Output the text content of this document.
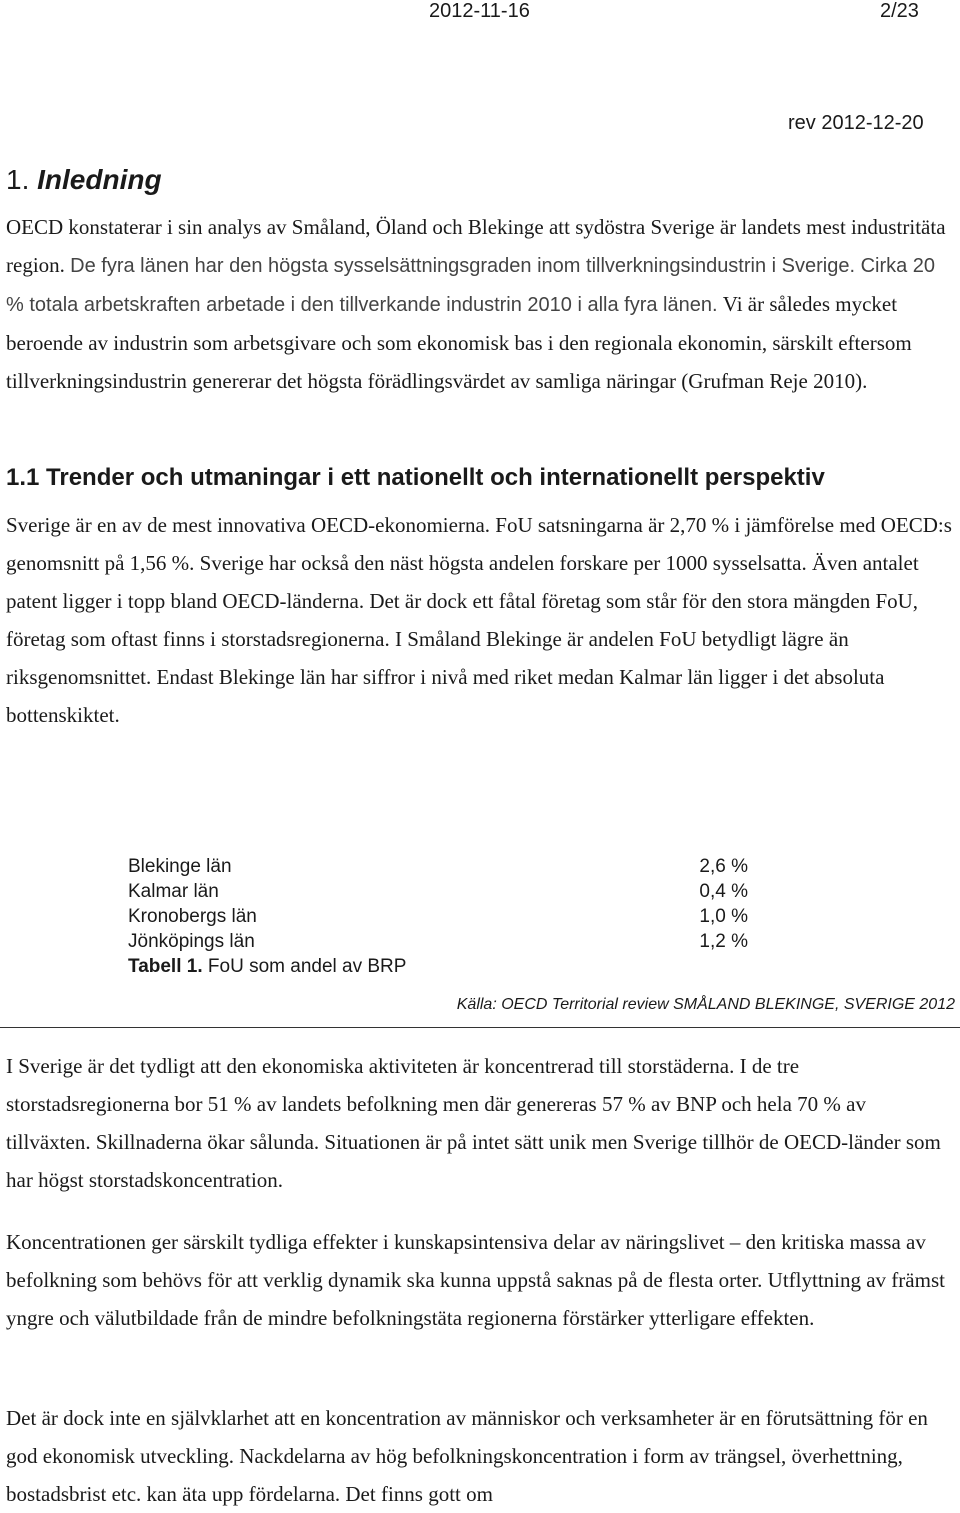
2012-11-16	2/23
rev 2012-12-20
1. Inledning

OECD konstaterar i sin analys av Småland, Öland och Blekinge att sydöstra Sverige är landets mest industritäta region. De fyra länen har den högsta sysselsättningsgraden inom tillverkningsindustrin i Sverige. Cirka 20 % totala arbetskraften arbetade i den tillverkande industrin 2010 i alla fyra länen. Vi är således mycket beroende av industrin som arbetsgivare och som ekonomisk bas i den regionala ekonomin, särskilt eftersom tillverkningsindustrin genererar det högsta förädlingsvärdet av samliga näringar (Grufman Reje 2010).

1.1 Trender och utmaningar i ett nationellt och internationellt perspektiv

Sverige är en av de mest innovativa OECD-ekonomierna. FoU satsningarna är 2,70 % i jämförelse med OECD:s genomsnitt på 1,56 %. Sverige har också den näst högsta andelen forskare per 1000 sysselsatta. Även antalet patent ligger i topp bland OECD-länderna. Det är dock ett fåtal företag som står för den stora mängden FoU, företag som oftast finns i storstadsregionerna. I Småland Blekinge är andelen FoU betydligt lägre än riksgenomsnittet. Endast Blekinge län har siffror i nivå med riket medan Kalmar län ligger i det absoluta bottenskiktet.

Blekinge län	2,6 %
Kalmar län	0,4 %
Kronobergs län	1,0 %
Jönköpings län	1,2 %
Tabell 1. FoU som andel av BRP
Källa: OECD Territorial review SMÅLAND BLEKINGE, SVERIGE 2012

I Sverige är det tydligt att den ekonomiska aktiviteten är koncentrerad till storstäderna. I de tre storstadsregionerna bor 51 % av landets befolkning men där genereras 57 % av BNP och hela 70 % av tillväxten. Skillnaderna ökar sålunda. Situationen är på intet sätt unik men Sverige tillhör de OECD-länder som har högst storstadskoncentration.

Koncentrationen ger särskilt tydliga effekter i kunskapsintensiva delar av näringslivet – den kritiska massa av befolkning som behövs för att verklig dynamik ska kunna uppstå saknas på de flesta orter. Utflyttning av främst yngre och välutbildade från de mindre befolkningstäta regionerna förstärker ytterligare effekten.

Det är dock inte en självklarhet att en koncentration av människor och verksamheter är en förutsättning för en god ekonomisk utveckling. Nackdelarna av hög befolkningskoncentration i form av trängsel, överhettning, bostadsbrist etc. kan äta upp fördelarna. Det finns gott om
